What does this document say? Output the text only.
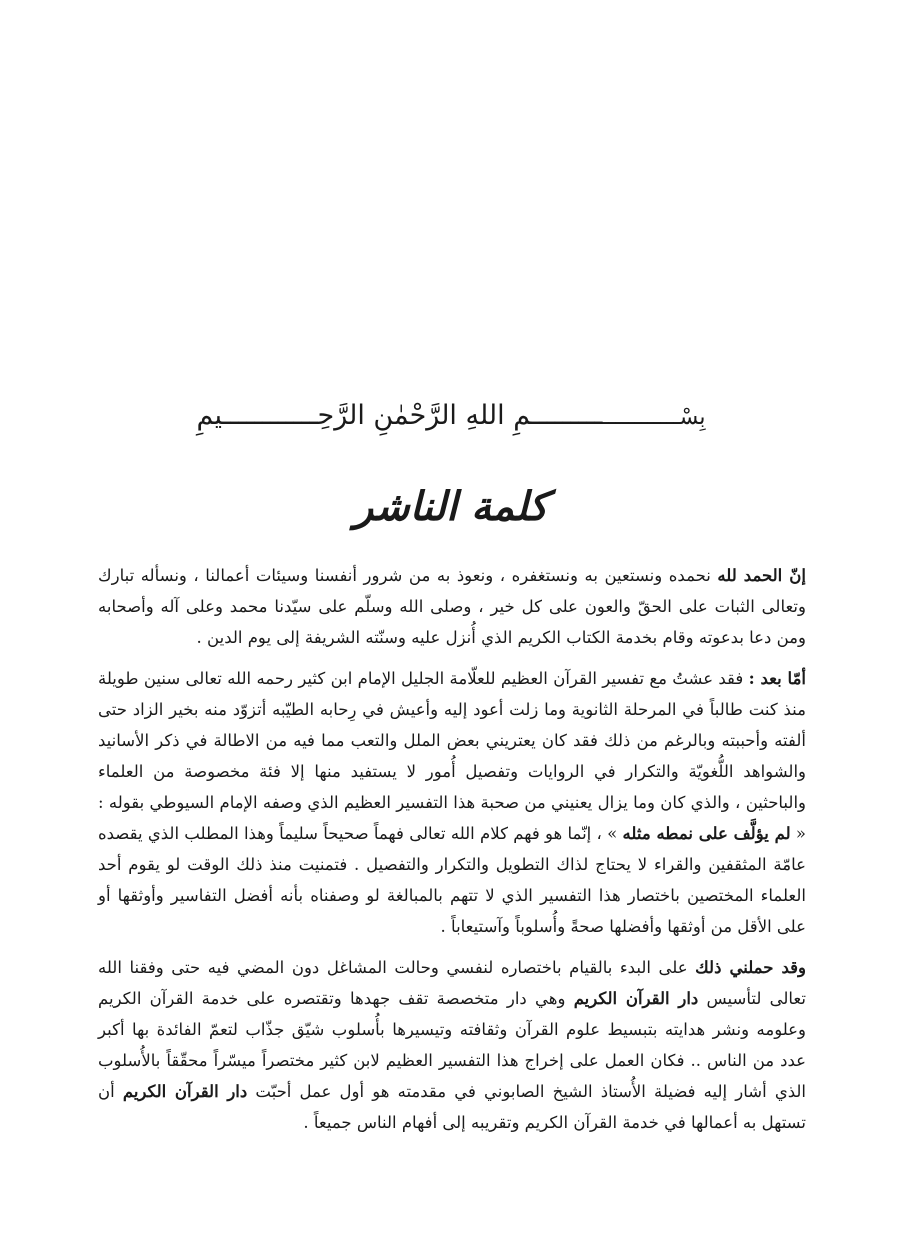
بِسْـــــــــــــــــــــمِ اللهِ الرَّحْمٰنِ الرَّحِــــــــــــيمِ
كلمة الناشر

إنّ الحمد لله نحمده ونستعين به ونستغفره ، ونعوذ به من شرور أنفسنا وسيئات أعمالنا ، ونسأله تبارك وتعالى الثبات على الحقّ والعون على كل خير ، وصلى الله وسلّم على سيّدنا محمد وعلى آله وأصحابه ومن دعا بدعوته وقام بخدمة الكتاب الكريم الذي أُنزل عليه وسنّته الشريفة إلى يوم الدين .

أمّا بعد : فقد عشتُ مع تفسير القرآن العظيم للعلّامة الجليل الإمام ابن كثير رحمه الله تعالى سنين طويلة منذ كنت طالباً في المرحلة الثانوية وما زلت أعود إليه وأعيش في رِحابه الطيّبه أتزوّد منه بخير الزاد حتى ألفته وأحببته وبالرغم من ذلك فقد كان يعتريني بعض الملل والتعب مما فيه من الاطالة في ذكر الأسانيد والشواهد اللُّغويّة والتكرار في الروايات وتفصيل أُمور لا يستفيد منها إلا فئة مخصوصة من العلماء والباحثين ، والذي كان وما يزال يعنيني من صحبة هذا التفسير العظيم الذي وصفه الإمام السيوطي بقوله : « لم يؤلَّف على نمطه مثله » ، إنّما هو فهم كلام الله تعالى فهماً صحيحاً سليماً وهذا المطلب الذي يقصده عامّة المثقفين والقراء لا يحتاج لذاك التطويل والتكرار والتفصيل . فتمنيت منذ ذلك الوقت لو يقوم أحد العلماء المختصين باختصار هذا التفسير الذي لا تتهم بالمبالغة لو وصفناه بأنه أفضل التفاسير وأوثقها أو على الأقل من أوثقها وأفضلها صحةً وأُسلوباً وآستيعاباً .

وقد حملني ذلك على البدء بالقيام باختصاره لنفسي وحالت المشاغل دون المضي فيه حتى وفقنا الله تعالى لتأسيس دار القرآن الكريم وهي دار متخصصة تقف جهدها وتقتصره على خدمة القرآن الكريم وعلومه ونشر هدايته بتبسيط علوم القرآن وثقافته وتيسيرها بأُسلوب شيّق جذّاب لتعمّ الفائدة بها أكبر عدد من الناس .. فكان العمل على إخراج هذا التفسير العظيم لابن كثير مختصراً ميسّراً محقّقاً بالأُسلوب الذي أشار إليه فضيلة الأُستاذ الشيخ الصابوني في مقدمته هو أول عمل أحبّت دار القرآن الكريم أن تستهل به أعمالها في خدمة القرآن الكريم وتقريبه إلى أفهام الناس جميعاً .
